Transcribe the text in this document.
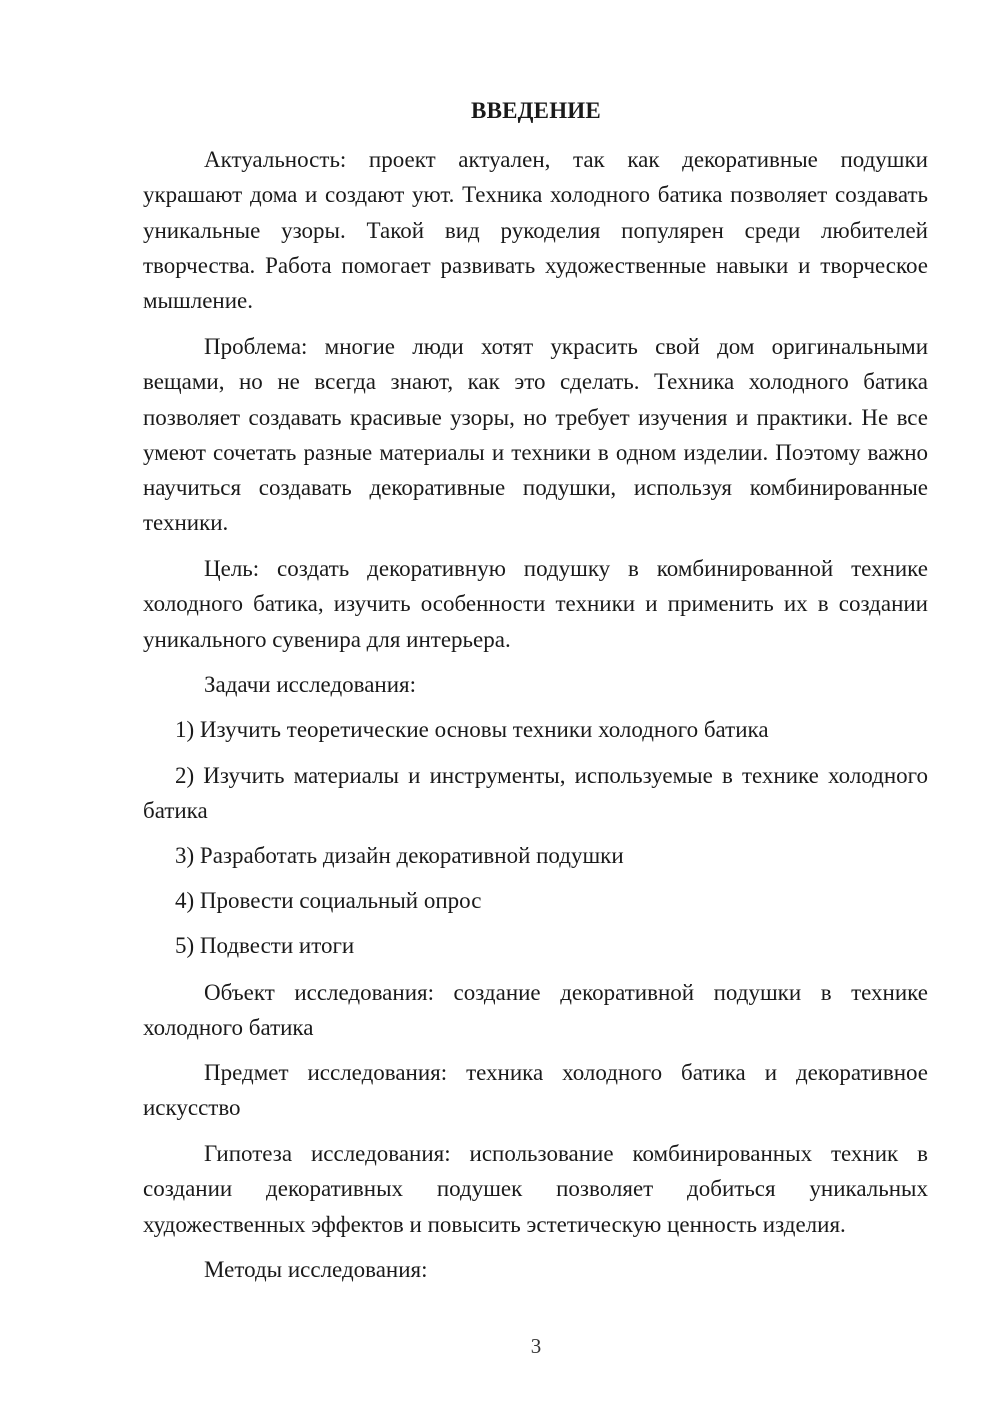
ВВЕДЕНИЕ

Актуальность: проект актуален, так как декоративные подушки украшают дома и создают уют. Техника холодного батика позволяет создавать уникальные узоры. Такой вид рукоделия популярен среди любителей творчества. Работа помогает развивать художественные навыки и творческое мышление.

Проблема: многие люди хотят украсить свой дом оригинальными вещами, но не всегда знают, как это сделать. Техника холодного батика позволяет создавать красивые узоры, но требует изучения и практики. Не все умеют сочетать разные материалы и техники в одном изделии. Поэтому важно научиться создавать декоративные подушки, используя комбинированные техники.

Цель: создать декоративную подушку в комбинированной технике холодного батика, изучить особенности техники и применить их в создании уникального сувенира для интерьера.

Задачи исследования:

1) Изучить теоретические основы техники холодного батика

2) Изучить материалы и инструменты, используемые в технике холодного батика

3) Разработать дизайн декоративной подушки

4) Провести социальный опрос

5) Подвести итоги

Объект исследования: создание декоративной подушки в технике холодного батика

Предмет исследования: техника холодного батика и декоративное искусство

Гипотеза исследования: использование комбинированных техник в создании декоративных подушек позволяет добиться уникальных художественных эффектов и повысить эстетическую ценность изделия.

Методы исследования:

3
